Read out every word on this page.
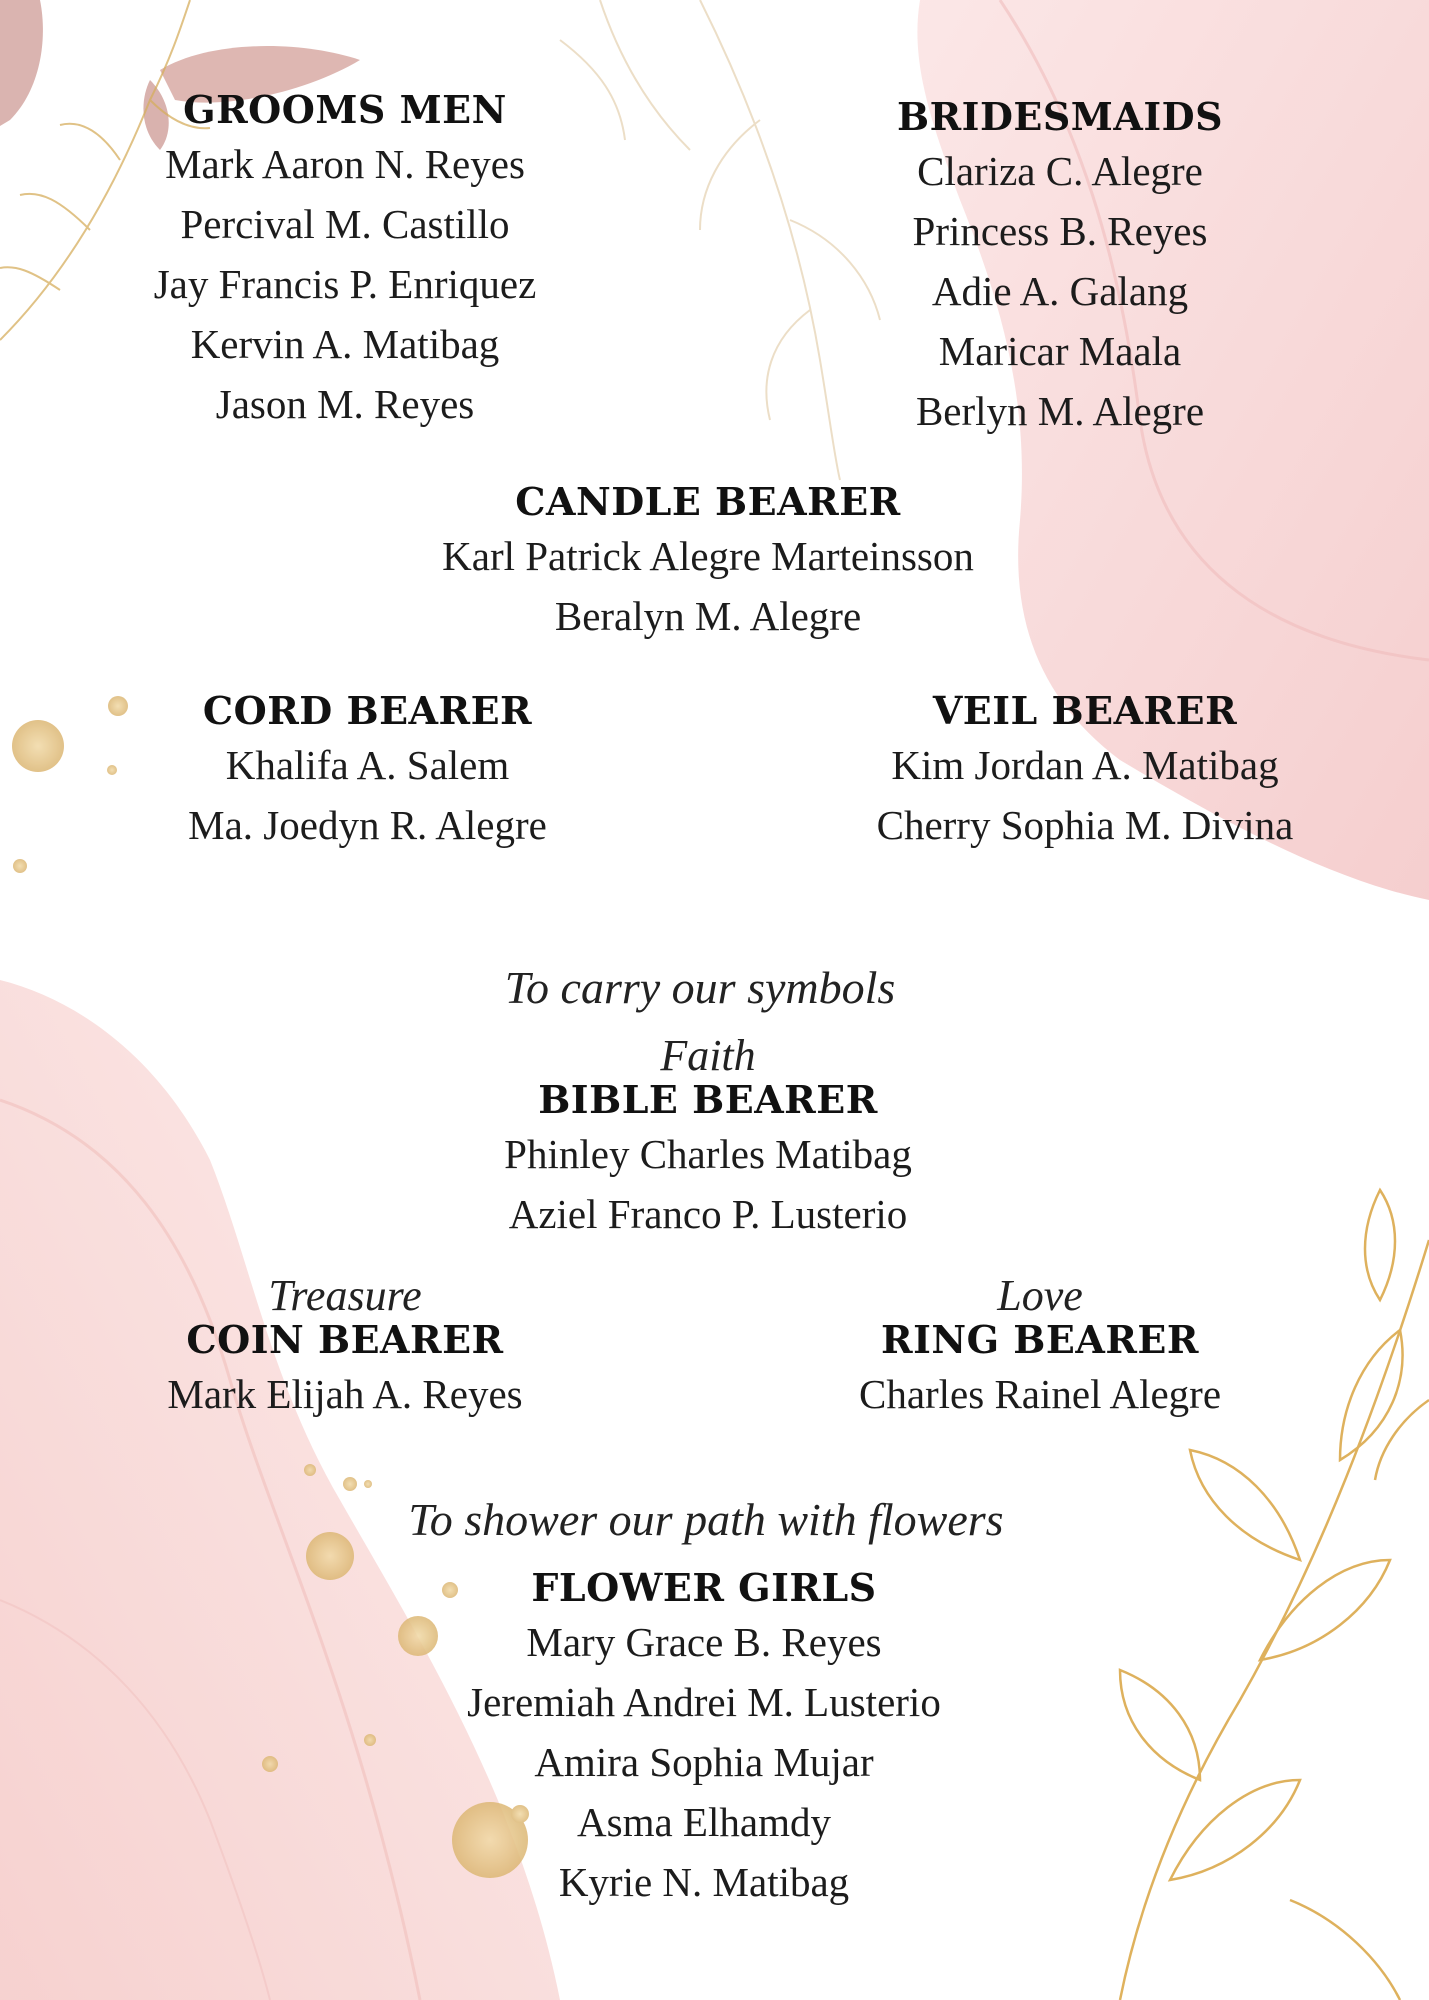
GROOMS MEN
Mark Aaron N. Reyes
Percival M. Castillo
Jay Francis P. Enriquez
Kervin A. Matibag
Jason M. Reyes
BRIDESMAIDS
Clariza C. Alegre
Princess B. Reyes
Adie A. Galang
Maricar Maala
Berlyn M. Alegre
CANDLE BEARER
Karl Patrick Alegre Marteinsson
Beralyn M. Alegre
CORD BEARER
Khalifa A. Salem
Ma. Joedyn R. Alegre
VEIL BEARER
Kim Jordan A. Matibag
Cherry Sophia M. Divina
To carry our symbols
Faith
BIBLE BEARER
Phinley Charles Matibag
Aziel Franco P. Lusterio
Treasure
COIN BEARER
Mark Elijah A. Reyes
Love
RING BEARER
Charles Rainel Alegre
To shower our path with flowers
FLOWER GIRLS
Mary Grace B. Reyes
Jeremiah Andrei M. Lusterio
Amira Sophia Mujar
Asma Elhamdy
Kyrie N. Matibag
